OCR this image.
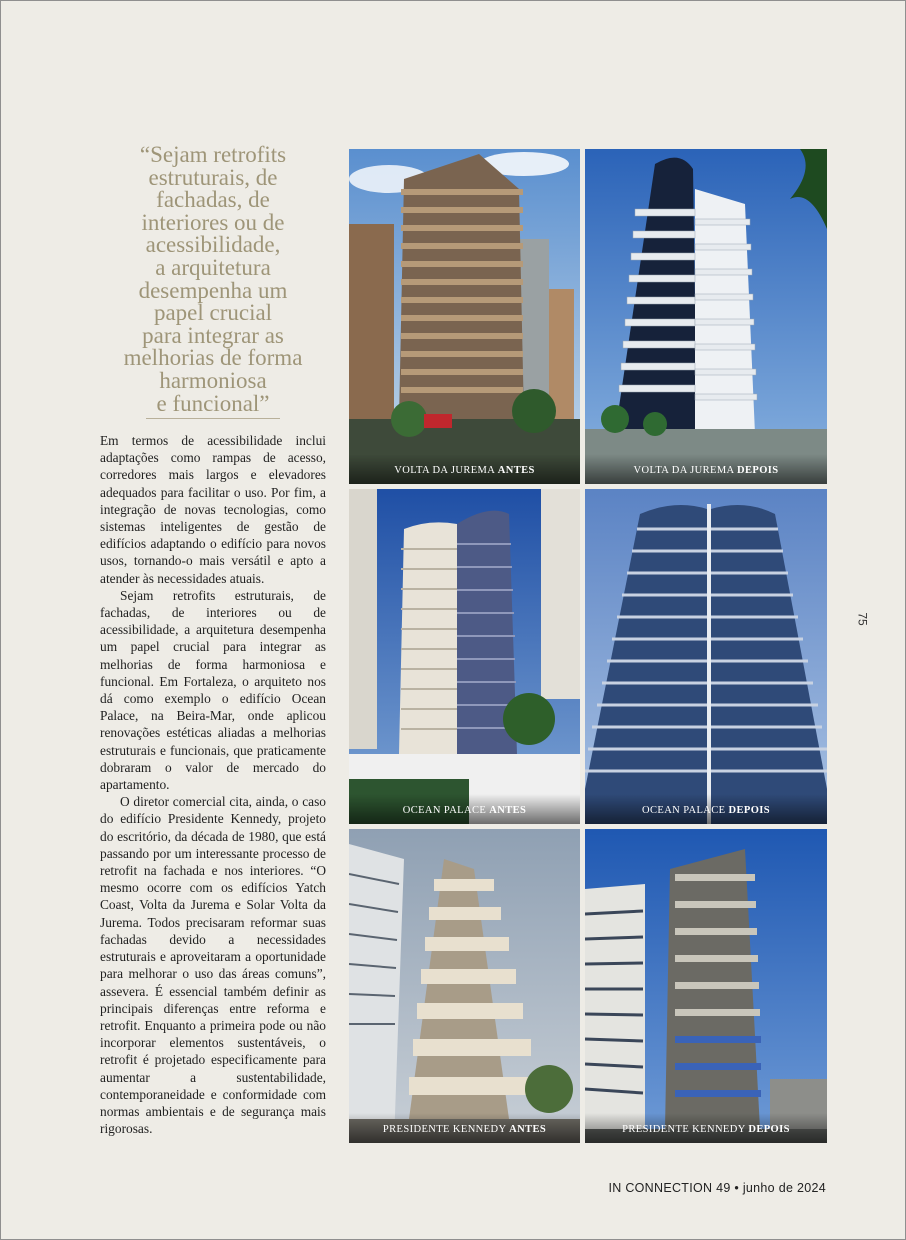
“Sejam retrofits
estruturais, de
fachadas, de
interiores ou de
acessibilidade,
a arquitetura
desempenha um
papel crucial
para integrar as
melhorias de forma
harmoniosa
e funcional”

Em termos de acessibilidade inclui adaptações como rampas de acesso, corredores mais largos e elevadores adequados para facilitar o uso. Por fim, a integração de novas tecnologias, como sistemas inteligentes de gestão de edifícios adaptando o edifício para novos usos, tornando-o mais versátil e apto a atender às necessidades atuais.

Sejam retrofits estruturais, de fachadas, de interiores ou de acessibilidade, a arquitetura desempenha um papel crucial para integrar as melhorias de forma harmoniosa e funcional. Em Fortaleza, o arquiteto nos dá como exemplo o edifício Ocean Palace, na Beira-Mar, onde aplicou renovações estéticas aliadas a melhorias estruturais e funcionais, que praticamente dobraram o valor de mercado do apartamento.

O diretor comercial cita, ainda, o caso do edifício Presidente Kennedy, projeto do escritório, da década de 1980, que está passando por um interessante processo de retrofit na fachada e nos interiores. “O mesmo ocorre com os edifícios Yatch Coast, Volta da Jurema e Solar Volta da Jurema. Todos precisaram reformar suas fachadas devido a necessidades estruturais e aproveitaram a oportunidade para melhorar o uso das áreas comuns”, assevera. É essencial também definir as principais diferenças entre reforma e retrofit. Enquanto a primeira pode ou não incorporar elementos sustentáveis, o retrofit é projetado especificamente para aumentar a sustentabilidade, contemporaneidade e conformidade com normas ambientais e de segurança mais rigorosas.

VOLTA DA JUREMA ANTES	VOLTA DA JUREMA DEPOIS
OCEAN PALACE ANTES	OCEAN PALACE DEPOIS
PRESIDENTE KENNEDY ANTES	PRESIDENTE KENNEDY DEPOIS
75
IN CONNECTION 49 • junho de 2024
